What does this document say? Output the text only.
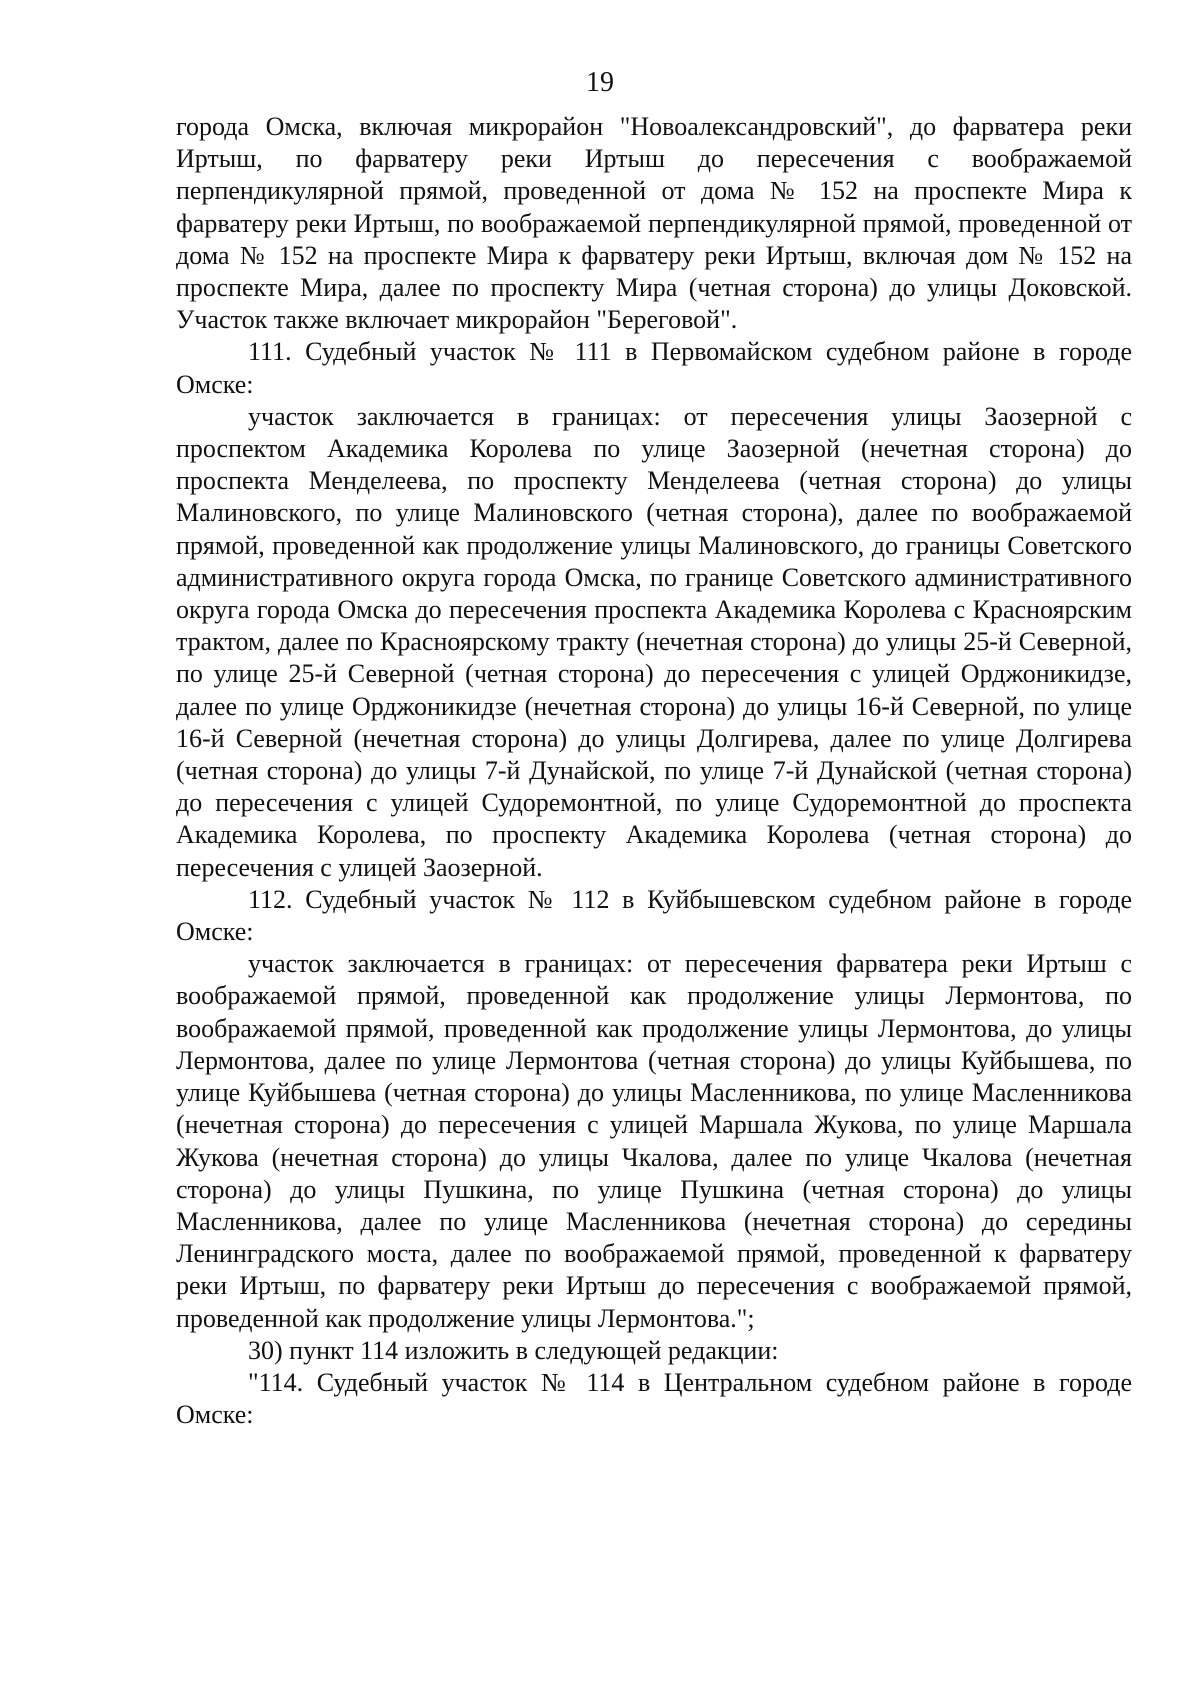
19

города Омска, включая микрорайон "Новоалександровский", до фарватера реки Иртыш, по фарватеру реки Иртыш до пересечения с воображаемой перпендикулярной прямой, проведенной от дома № 152 на проспекте Мира к фарватеру реки Иртыш, по воображаемой перпендикулярной прямой, проведенной от дома № 152 на проспекте Мира к фарватеру реки Иртыш, включая дом № 152 на проспекте Мира, далее по проспекту Мира (четная сторона) до улицы Доковской. Участок также включает микрорайон "Береговой".

111. Судебный участок № 111 в Первомайском судебном районе в городе Омске:

участок заключается в границах: от пересечения улицы Заозерной с проспектом Академика Королева по улице Заозерной (нечетная сторона) до проспекта Менделеева, по проспекту Менделеева (четная сторона) до улицы Малиновского, по улице Малиновского (четная сторона), далее по воображаемой прямой, проведенной как продолжение улицы Малиновского, до границы Советского административного округа города Омска, по границе Советского административного округа города Омска до пересечения проспекта Академика Королева с Красноярским трактом, далее по Красноярскому тракту (нечетная сторона) до улицы 25-й Северной, по улице 25-й Северной (четная сторона) до пересечения с улицей Орджоникидзе, далее по улице Орджоникидзе (нечетная сторона) до улицы 16-й Северной, по улице 16-й Северной (нечетная сторона) до улицы Долгирева, далее по улице Долгирева (четная сторона) до улицы 7-й Дунайской, по улице 7-й Дунайской (четная сторона) до пересечения с улицей Судоремонтной, по улице Судоремонтной до проспекта Академика Королева, по проспекту Академика Королева (четная сторона) до пересечения с улицей Заозерной.

112. Судебный участок № 112 в Куйбышевском судебном районе в городе Омске:

участок заключается в границах: от пересечения фарватера реки Иртыш с воображаемой прямой, проведенной как продолжение улицы Лермонтова, по воображаемой прямой, проведенной как продолжение улицы Лермонтова, до улицы Лермонтова, далее по улице Лермонтова (четная сторона) до улицы Куйбышева, по улице Куйбышева (четная сторона) до улицы Масленникова, по улице Масленникова (нечетная сторона) до пересечения с улицей Маршала Жукова, по улице Маршала Жукова (нечетная сторона) до улицы Чкалова, далее по улице Чкалова (нечетная сторона) до улицы Пушкина, по улице Пушкина (четная сторона) до улицы Масленникова, далее по улице Масленникова (нечетная сторона) до середины Ленинградского моста, далее по воображаемой прямой, проведенной к фарватеру реки Иртыш, по фарватеру реки Иртыш до пересечения с воображаемой прямой, проведенной как продолжение улицы Лермонтова.";

30) пункт 114 изложить в следующей редакции:

"114. Судебный участок № 114 в Центральном судебном районе в городе Омске:
